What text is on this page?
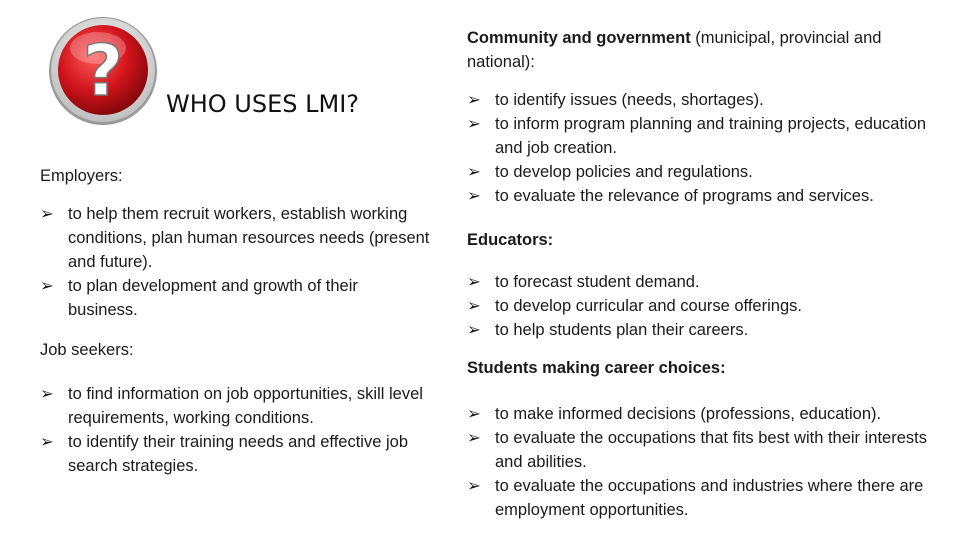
? WHO USES LMI?

Employers:

➢ to help them recruit workers, establish working conditions, plan human resources needs (present and future).
➢ to plan development and growth of their business.

Job seekers:

➢ to find information on job opportunities, skill level requirements, working conditions.
➢ to identify their training needs and effective job search strategies.

Community and government (municipal, provincial and national):

➢ to identify issues (needs, shortages).
➢ to inform program planning and training projects, education and job creation.
➢ to develop policies and regulations.
➢ to evaluate the relevance of programs and services.

Educators:

➢ to forecast student demand.
➢ to develop curricular and course offerings.
➢ to help students plan their careers.

Students making career choices:

➢ to make informed decisions (professions, education).
➢ to evaluate the occupations that fits best with their interests and abilities.
➢ to evaluate the occupations and industries where there are employment opportunities.
